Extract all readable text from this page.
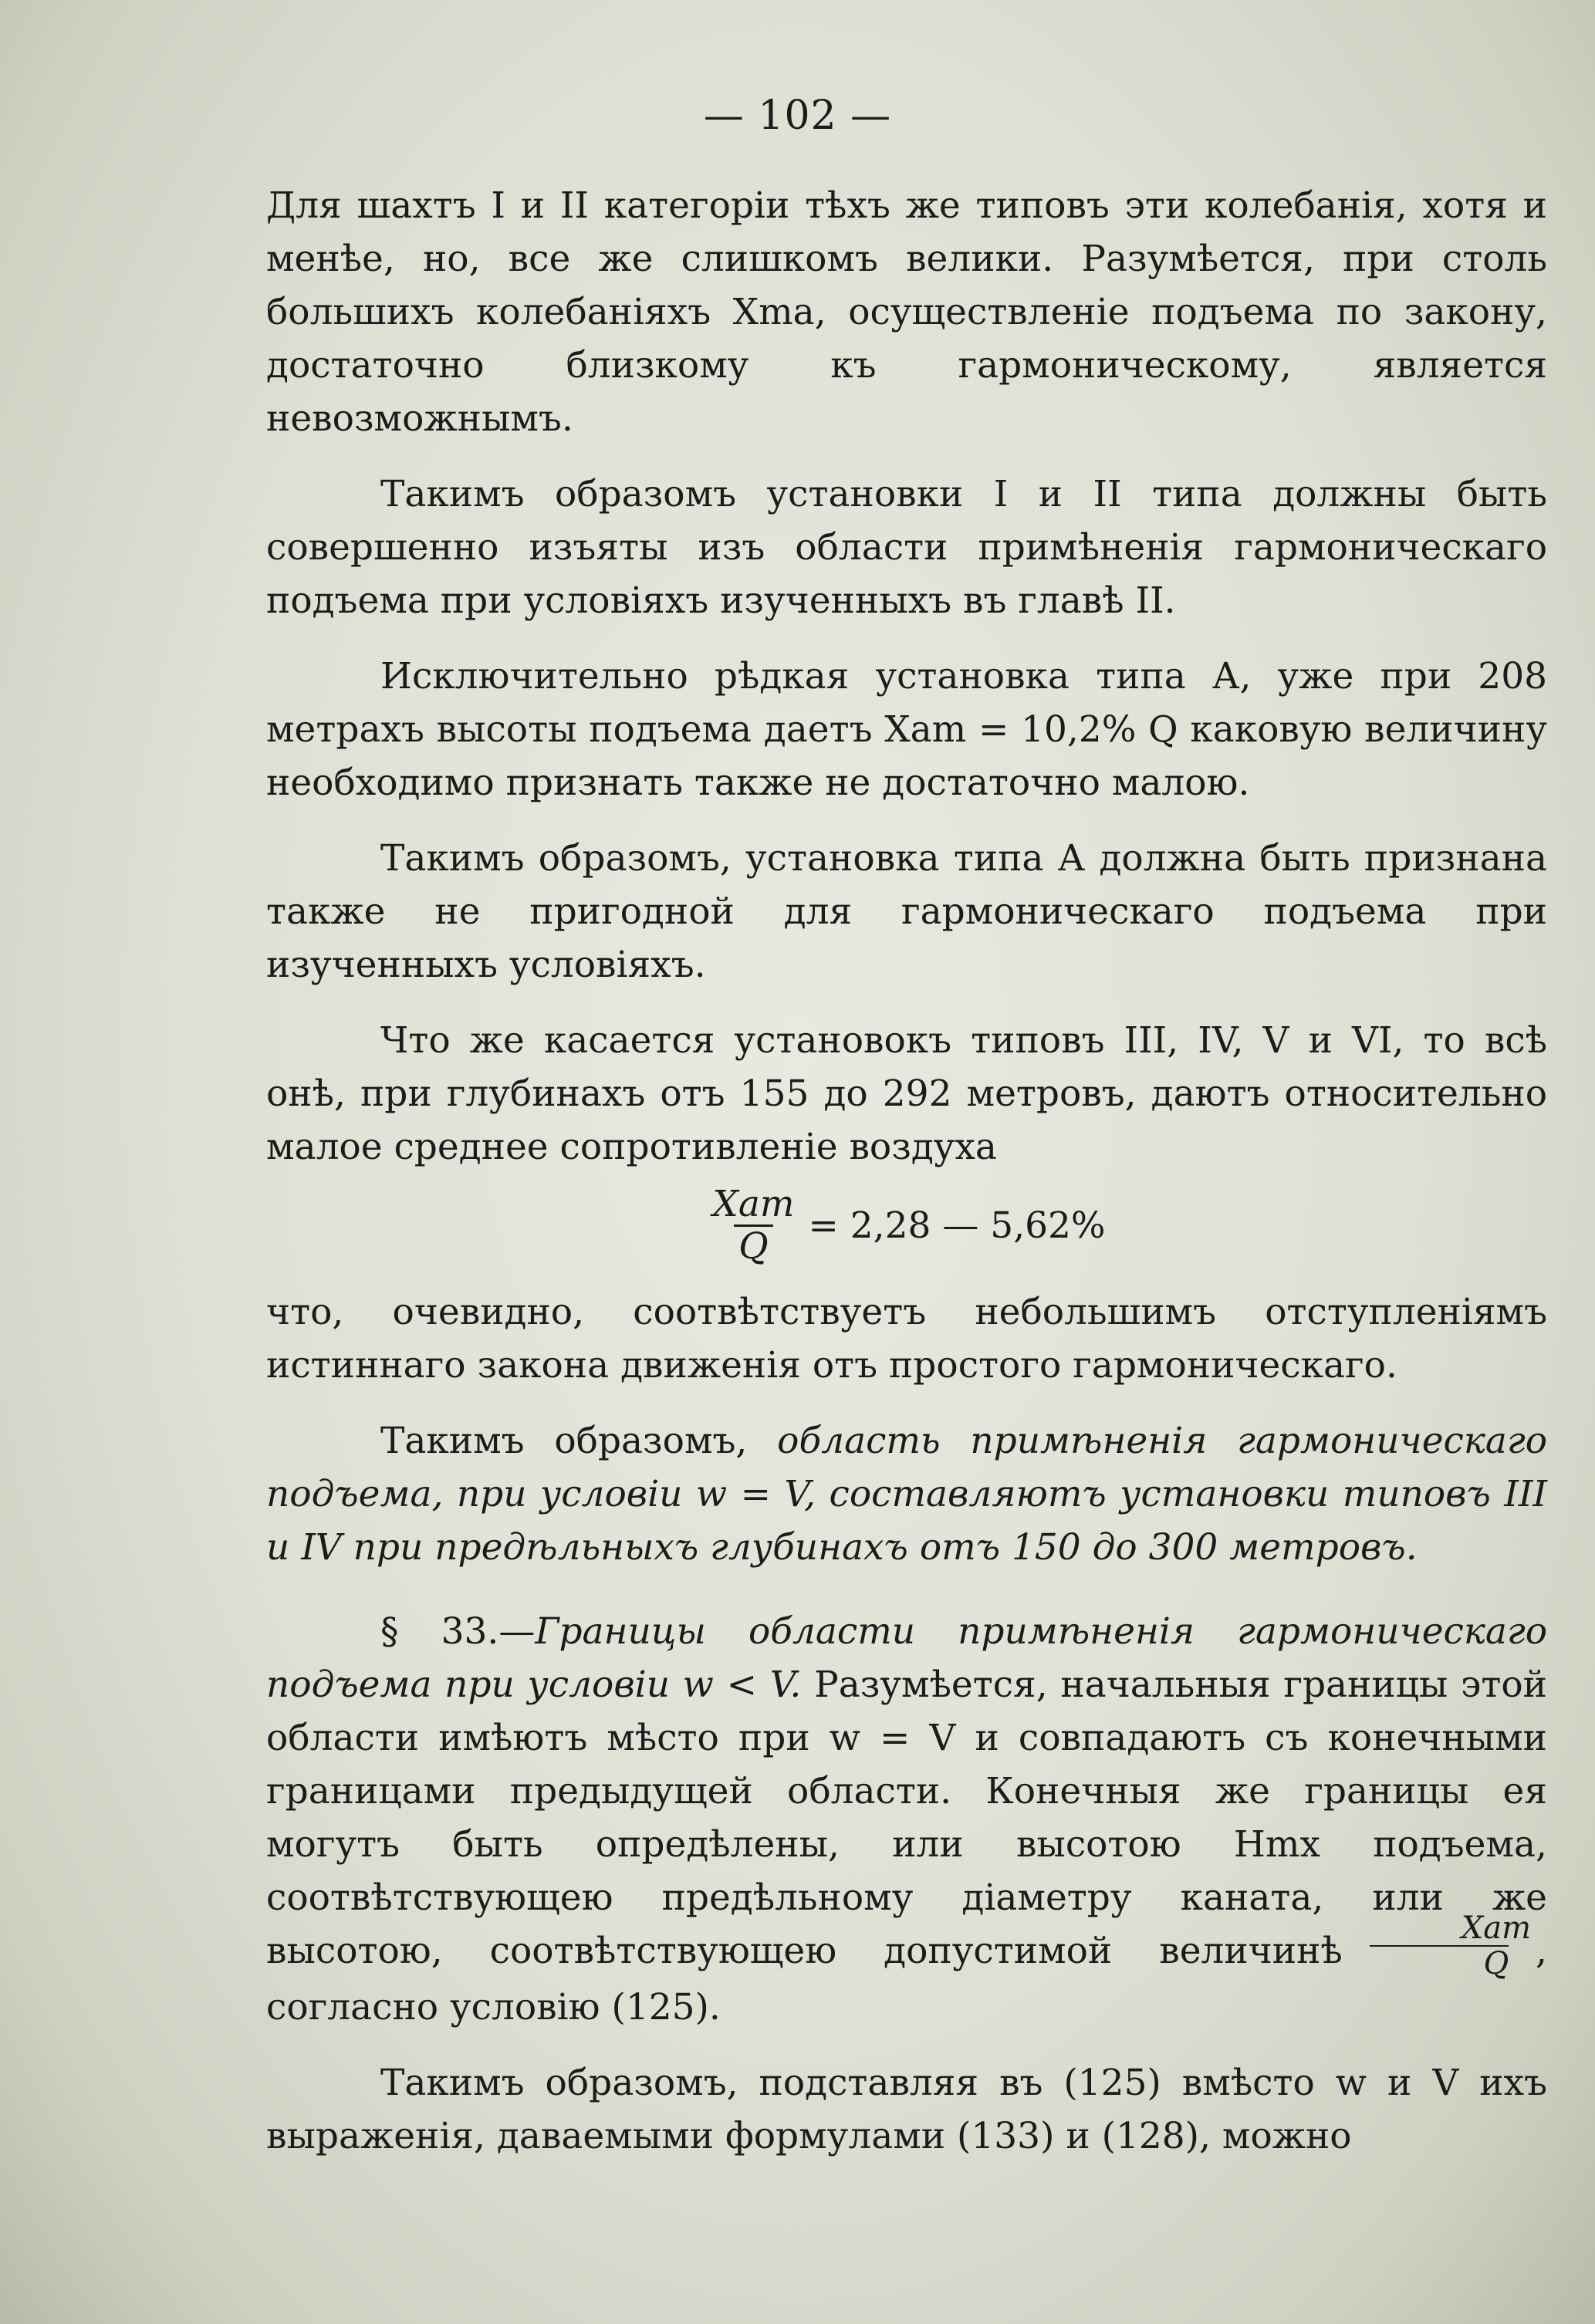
— 102 —

Для шахтъ I и II категоріи тѣхъ же типовъ эти колебанія, хотя и менѣе, но, все же слишкомъ велики. Разумѣется, при столь большихъ колебаніяхъ Xma, осуществленіе подъема по закону, достаточно близкому къ гармоническому, является невозможнымъ.

Такимъ образомъ установки I и II типа должны быть совершенно изъяты изъ области примѣненія гармоническаго подъема при условіяхъ изученныхъ въ главѣ II.

Исключительно рѣдкая установка типа А, уже при 208 метрахъ высоты подъема даетъ Xam = 10,2% Q каковую величину необходимо признать также не достаточно малою.

Такимъ образомъ, установка типа А должна быть признана также не пригодной для гармоническаго подъема при изученныхъ условіяхъ.

Что же касается установокъ типовъ III, IV, V и VI, то всѣ онѣ, при глубинахъ отъ 155 до 292 метровъ, даютъ относительно малое среднее сопротивленіе воздуха

$\frac{\text{Xam}}{Q} = 2,28$ — 5,62%

что, очевидно, соотвѣтствуетъ небольшимъ отступленіямъ истиннаго закона движенія отъ простого гармоническаго.

Такимъ образомъ, область примѣненія гармоническаго подъема, при условіи w = V, составляютъ установки типовъ III и IV при предѣльныхъ глубинахъ отъ 150 до 300 метровъ.

§ 33.—Границы области примѣненія гармоническаго подъема при условіи w < V. Разумѣется, начальныя границы этой области имѣютъ мѣсто при w = V и совпадаютъ съ конечными границами предыдущей области. Конечныя же границы ея могутъ быть опредѣлены, или высотою Hmx подъема, соотвѣтствующею предѣльному діаметру каната, или же высотою, соотвѣтствующею допустимой величинѣ $\frac{\text{Xam}}{Q}$ , согласно условію (125).

Такимъ образомъ, подставляя въ (125) вмѣсто w и V ихъ выраженія, даваемыми формулами (133) и (128), можно
